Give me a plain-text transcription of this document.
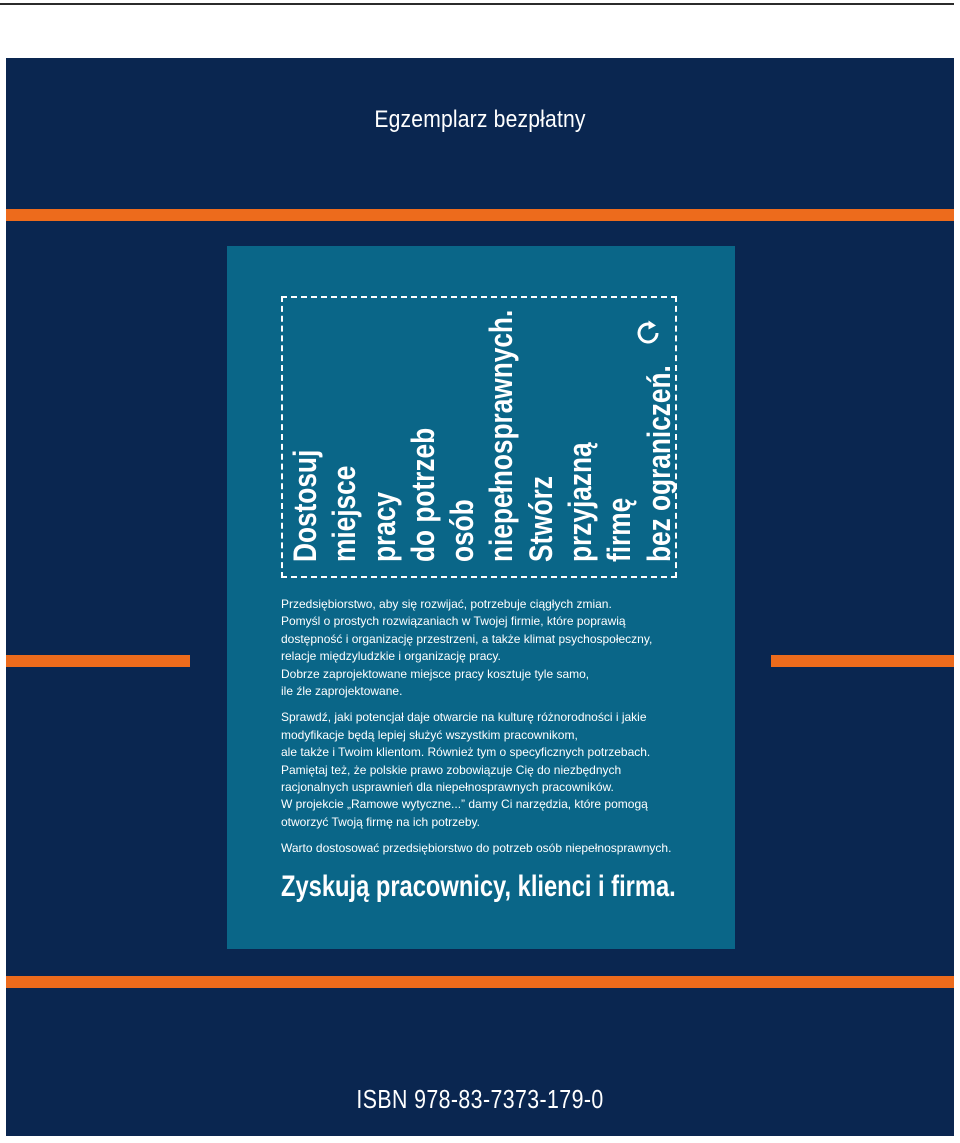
Egzemplarz bezpłatny
Dostosuj miejsce pracy do potrzeb osób niepełnosprawnych. Stwórz przyjazną firmę bez ograniczeń.

Przedsiębiorstwo, aby się rozwijać, potrzebuje ciągłych zmian.
Pomyśl o prostych rozwiązaniach w Twojej firmie, które poprawią
dostępność i organizację przestrzeni, a także klimat psychospołeczny,
relacje międzyludzkie i organizację pracy.
Dobrze zaprojektowane miejsce pracy kosztuje tyle samo,
ile źle zaprojektowane.

Sprawdź, jaki potencjał daje otwarcie na kulturę różnorodności i jakie
modyfikacje będą lepiej służyć wszystkim pracownikom,
ale także i Twoim klientom. Również tym o specyficznych potrzebach.
Pamiętaj też, że polskie prawo zobowiązuje Cię do niezbędnych
racjonalnych usprawnień dla niepełnosprawnych pracowników.
W projekcie „Ramowe wytyczne...” damy Ci narzędzia, które pomogą
otworzyć Twoją firmę na ich potrzeby.

Warto dostosować przedsiębiorstwo do potrzeb osób niepełnosprawnych.

Zyskują pracownicy, klienci i firma.
ISBN 978-83-7373-179-0
